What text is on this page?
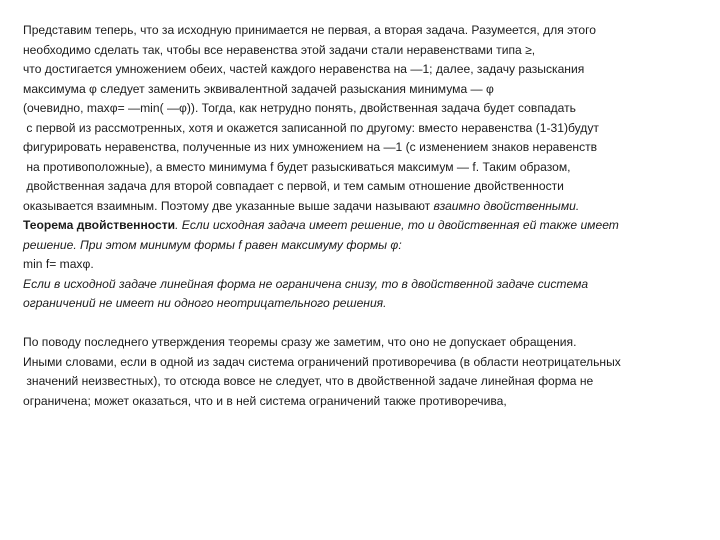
Представим теперь, что за исходную принимается не первая, а вторая задача. Разумеется, для этого
необходимо сделать так, чтобы все неравенства этой задачи стали неравенствами типа ≥,
что достигается умножением обеих, частей каждого неравенства на —1; далее, задачу разыскания
максимума φ следует заменить эквивалентной задачей разыскания минимума — φ
(очевидно, maxφ= —min( —φ)). Тогда, как нетрудно понять, двойственная задача будет совпадать
с первой из рассмотренных, хотя и окажется записанной по другому: вместо неравенства (1-31)будут
фигурировать неравенства, полученные из них умножением на —1 (с изменением знаков неравенств
на противоположные), а вместо минимума f будет разыскиваться максимум — f. Таким образом,
двойственная задача для второй совпадает с первой, и тем самым отношение двойственности
оказывается взаимным. Поэтому две указанные выше задачи называют взаимно двойственными.
Теорема двойственности. Если исходная задача имеет решение, то и двойственная ей также имеет
решение. При этом минимум формы f равен максимуму формы φ:
min f= maxφ.
Если в исходной задаче линейная форма не ограничена снизу, то в двойственной задаче система
ограничений не имеет ни одного неотрицательного решения.
По поводу последнего утверждения теоремы сразу же заметим, что оно не допускает обращения.
Иными словами, если в одной из задач система ограничений противоречива (в области неотрицательных
значений неизвестных), то отсюда вовсе не следует, что в двойственной задаче линейная форма не
ограничена; может оказаться, что и в ней система ограничений также противоречива,
